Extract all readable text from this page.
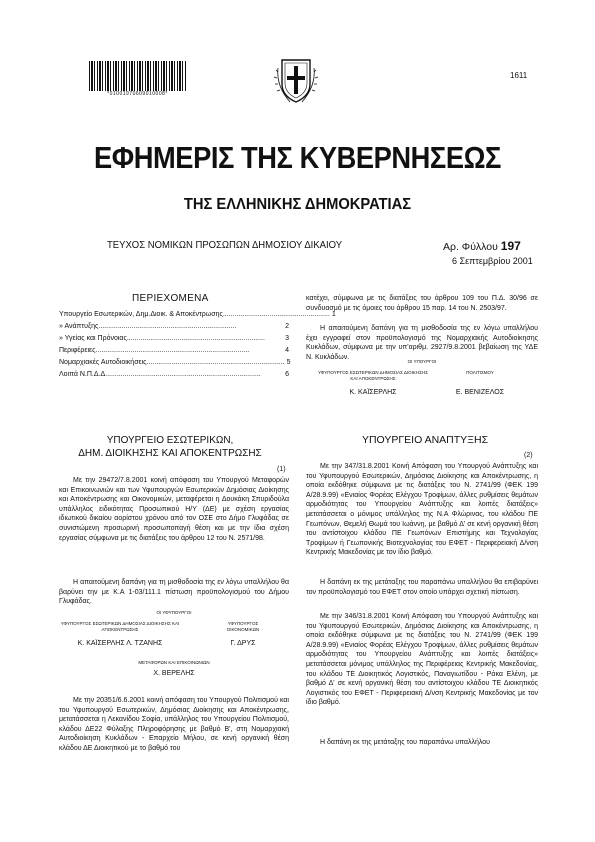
*01001970609010008*
1611
ΕΦΗΜΕΡΙΣ ΤΗΣ ΚΥΒΕΡΝΗΣΕΩΣ
ΤΗΣ ΕΛΛΗΝΙΚΗΣ ΔΗΜΟΚΡΑΤΙΑΣ
ΤΕΥΧΟΣ ΝΟΜΙΚΩΝ ΠΡΟΣΩΠΩΝ ΔΗΜΟΣΙΟΥ ΔΙΚΑΙΟΥ	Αρ. Φύλλου 197
6 Σεπτεμβρίου 2001
ΠΕΡΙΕΧΟΜΕΝΑ
Υπουργείο Εσωτερικών, Δημ.Διοικ. & Αποκέντρωσης ....................................................... 1
» Ανάπτυξης .......................................................................	2
» Υγείας και Πρόνοιας .......................................................................	3
Περιφέρειες ...............................................................................	4
Νομαρχιακές Αυτοδιοικήσεις ....................................................................... 5
Λοιπά Ν.Π.Δ.Δ. ...............................................................................	6
ΥΠΟΥΡΓΕΙΟ ΕΣΩΤΕΡΙΚΩΝ,
ΔΗΜ. ΔΙΟΙΚΗΣΗΣ ΚΑΙ ΑΠΟΚΕΝΤΡΩΣΗΣ
(1)
Με την 29472/7.8.2001 κοινή απόφαση του Υπουργού Μεταφορών και Επικοινωνιών και των Υφυπουργών Εσωτερικών Δημόσιας Διοίκησης και Αποκέντρωσης και Οικονομικών, μεταφέρεται η Δουκάκη Σπυριδούλα υπάλληλος ειδικότητας Προσωπικού Η/Υ (ΔΕ) με σχέση εργασίας ιδιωτικού δικαίου αορίστου χρόνου από τον ΟΣΕ στο Δήμο Γλυφάδας σε συνιστώμενη προσωρινή προσωποπαγή θέση και με την ίδια σχέση εργασίας σύμφωνα με τις διατάξεις του άρθρου 12 του Ν. 2571/98.
Η απαιτούμενη δαπάνη για τη μισθοδοσία της εν λόγω υπαλλήλου θα βαρύνει την με Κ.Α 1-03/111.1 πίστωση προϋπολογισμού του Δήμου Γλυφάδας.
ΟΙ ΥΦΥΠΟΥΡΓΟΙ
ΥΦΥΠΟΥΡΓΟΣ ΕΣΩΤΕΡΙΚΩΝ ΔΗΜΟΣΙΑΣ ΔΙΟΙΚΗΣΗΣ ΚΑΙ ΑΠΟΚΕΝΤΡΩΣΗΣ
Κ. ΚΑΪΣΕΡΛΗΣ Λ. ΤΖΑΝΗΣ
ΥΦΥΠΟΥΡΓΟΣ ΟΙΚΟΝΟΜΙΚΩΝ
Γ. ΔΡΥΣ
ΜΕΤΑΦΟΡΩΝ ΚΑΙ ΕΠΙΚΟΙΝΩΝΙΩΝ
Χ. ΒΕΡΕΛΗΣ
Με την 20351/6.6.2001 κοινή απόφαση του Υπουργού Πολιτισμού και του Υφυπουργού Εσωτερικών, Δημόσιας Διοίκησης και Αποκέντρωσης, μετατάσσεται η Λεκανίδου Σοφία, υπάλληλος του Υπουργείου Πολιτισμού, κλάδου ΔΕ22 Φύλαξης Πληροφόρησης με βαθμό Β', στη Νομαρχιακή Αυτοδιοίκηση Κυκλάδων - Επαρχείο Μήλου, σε κενή οργανική θέση κλάδου ΔΕ Διοικητικού με το βαθμό του
κατέχει, σύμφωνα με τις διατάξεις του άρθρου 109 του Π.Δ. 30/96 σε συνδυασμό με τις όμοιες του άρθρου 15 παρ. 14 του Ν. 2503/97.
Η απαιτούμενη δαπάνη για τη μισθοδοσία της εν λόγω υπαλλήλου έχει εγγραφεί στον προϋπολογισμό της Νομαρχιακής Αυτοδιοίκησης Κυκλάδων, σύμφωνα με την υπ'αριθμ. 2927/9.8.2001 βεβαίωση της ΥΔΕ Ν. Κυκλάδων.
ΟΙ ΥΠΟΥΡΓΟΙ
ΥΦΥΠΟΥΡΓΟΣ ΕΣΩΤΕΡΙΚΩΝ ΔΗΜΟΣΙΑΣ ΔΙΟΙΚΗΣΗΣ ΚΑΙ ΑΠΟΚΕΝΤΡΩΣΗΣ
Κ. ΚΑΪΣΕΡΛΗΣ
ΠΟΛΙΤΙΣΜΟΥ
Ε. ΒΕΝΙΖΕΛΟΣ
ΥΠΟΥΡΓΕΙΟ ΑΝΑΠΤΥΞΗΣ
(2)
Με την 347/31.8.2001 Κοινή Απόφαση του Υπουργού Ανάπτυξης και του Υφυπουργού Εσωτερικών, Δημόσιας Διοίκησης και Αποκέντρωσης, η οποία εκδόθηκε σύμφωνα με τις διατάξεις του Ν. 2741/99 (ΦΕΚ 199 Α/28.9.99) «Ενιαίος Φορέας Ελέγχου Τροφίμων, άλλες ρυθμίσεις θεμάτων αρμοδιότητας του Υπουργείου Ανάπτυξης και λοιπές διατάξεις» μετατάσσεται ο μόνιμος υπάλληλος της Ν.Α Φλώρινας, του κλάδου ΠΕ Γεωπόνων, Θεμελή Θωμά του Ιωάννη, με βαθμό Δ' σε κενή οργανική θέση του αντίστοιχου κλάδου ΠΕ Γεωπόνων Επιστήμης και Τεχνολογίας Τροφίμων ή Γεωπονικής Βιοτεχνολογίας του ΕΦΕΤ - Περιφερειακή Δ/νση Κεντρικής Μακεδονίας με τον ίδιο βαθμό.
Η δαπάνη εκ της μετάταξης του παραπάνω υπαλλήλου θα επιβαρύνει τον προϋπολογισμό του ΕΦΕΤ στον οποίο υπάρχει σχετική πίστωση.
Με την 346/31.8.2001 Κοινή Απόφαση του Υπουργού Ανάπτυξης και του Υφυπουργού Εσωτερικών, Δημόσιας Διοίκησης και Αποκέντρωσης, η οποία εκδόθηκε σύμφωνα με τις διατάξεις του Ν. 2741/99 (ΦΕΚ 199 Α/28.9.99) «Ενιαίος Φορέας Ελέγχου Τροφίμων, άλλες ρυθμίσεις θεμάτων αρμοδιότητας του Υπουργείου Ανάπτυξης και λοιπές διατάξεις» μετατάσσεται μόνιμος υπάλληλος της Περιφέρειας Κεντρικής Μακεδονίας, του κλάδου ΤΕ Διοικητικός Λογιστικός, Παναγιωτίδου - Ράκα Ελένη, με βαθμό Δ' σε κενή οργανική θέση του αντίστοιχου κλάδου ΤΕ Διοικητικός Λογιστικός του ΕΦΕΤ - Περιφερειακή Δ/νση Κεντρικής Μακεδονίας με τον ίδιο βαθμό.
Η δαπάνη εκ της μετάταξης του παραπάνω υπαλλήλου
